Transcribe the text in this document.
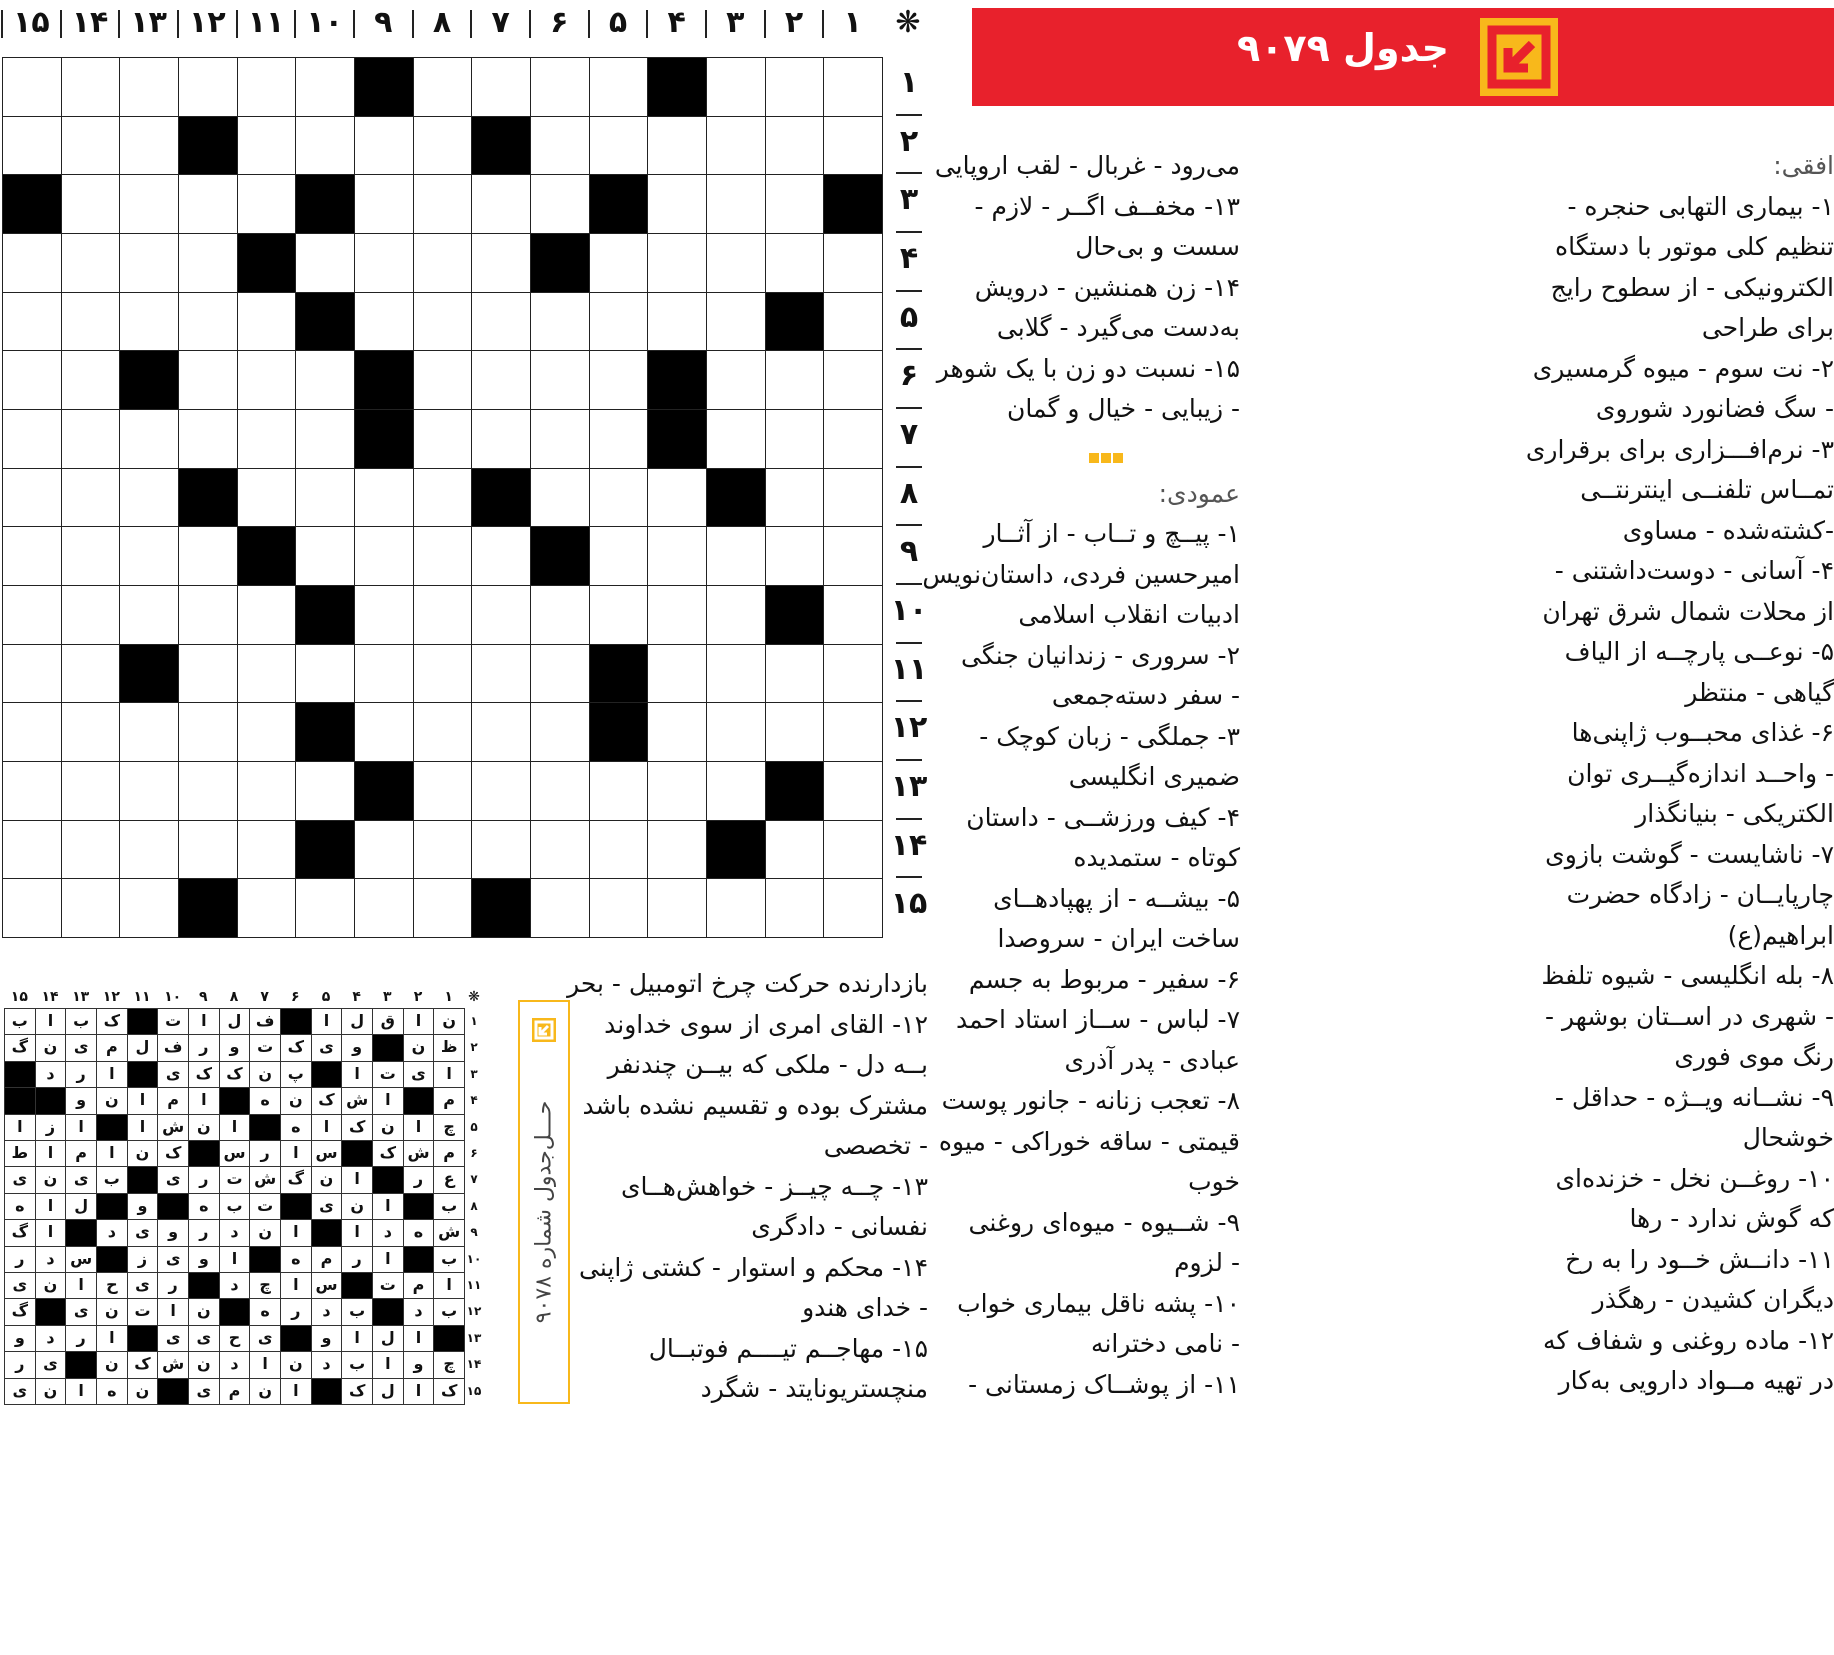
❋
۱
۲
۳
۴
۵
۶
۷
۸
۹
۱۰
۱۱
۱۲
۱۳
۱۴
۱۵
۱
۲
۳
۴
۵
۶
۷
۸
۹
۱۰
۱۱
۱۲
۱۳
۱۴
۱۵
جدول ۹۰۷۹
افقی:
۱- بیماری التهابی حنجره -
تنظیم کلی موتور با دستگاه
الکترونیکی - از سطوح رایج
برای طراحی
۲- نت سوم - میوه گرمسیری
- سگ فضانورد شوروی
۳- نرم‌افـــزاری برای برقراری
تمــاس تلفنــی اینترنتــی
-کشته‌شده - مساوی
۴- آسانی - دوست‌داشتنی -
از محلات شمال شرق تهران
۵- نوعــی پارچــه از الیاف
گیاهی - منتظر
۶- غذای محبــوب ژاپنی‌ها
- واحــد اندازه‌گیــری توان
الکتریکی - بنیانگذار
۷- ناشایست - گوشت بازوی
چارپایــان - زادگاه حضرت
ابراهیم(ع)
۸- بله انگلیسی - شیوه تلفظ
- شهری در اســتان بوشهر -
رنگ موی فوری
۹- نشــانه ویــژه - حداقل -
خوشحال
۱۰- روغــن نخل - خزنده‌ای
که گوش ندارد - رها
۱۱- دانــش خــود را به رخ
دیگران کشیدن - رهگذر
۱۲- ماده روغنی و شفاف که
در تهیه مــواد دارویی به‌کار
می‌رود - غربال - لقب اروپایی
۱۳- مخفــف اگــر - لازم -
سست و بی‌حال
۱۴- زن همنشین - درویش
به‌دست می‌گیرد - گلابی
۱۵- نسبت دو زن با یک شوهر
- زیبایی - خیال و گمان
عمودی:
۱- پیــچ و تــاب - از آثــار
امیرحسین فردی، داستان‌نویس
ادبیات انقلاب اسلامی
۲- سروری - زندانیان جنگی
- سفر دسته‌جمعی
۳- جملگی - زبان کوچک -
ضمیری انگلیسی
۴- کیف ورزشــی - داستان
کوتاه - ستمدیده
۵- بیشــه - از پهپادهــای
ساخت ایران - سروصدا
۶- سفیر - مربوط به جسم
۷- لباس - ســاز استاد احمد
عبادی - پدر آذری
۸- تعجب زنانه - جانور پوست
قیمتی - ساقه خوراکی - میوه
خوب
۹- شــیوه - میوه‌ای روغنی
- لزوم
۱۰- پشه ناقل بیماری خواب
- نامی دخترانه
۱۱- از پوشــاک زمستانی -
بازدارنده حرکت چرخ اتومبیل - بحر
۱۲- القای امری از سوی خداوند
بــه دل - ملکی که بیــن چندنفر
مشترک بوده و تقسیم نشده باشد
- تخصصی
۱۳- چــه چیــز - خواهش‌هــای
نفسانی - دادگری
۱۴- محکم و استوار - کشتی ژاپنی
- خدای هندو
۱۵- مهاجــم تیــــم فوتبــال
منچستریونایتد - شگرد
حـــل‌جدول شماره ۹۰۷۸
❋
۱
۲
۳
۴
۵
۶
۷
۸
۹
۱۰
۱۱
۱۲
۱۳
۱۴
۱۵
ن
ا
ق
ل
ا
ف
ل
ا
ت
ک
ب
ا
ب
ظ
ن
و
ی
ک
ت
و
ر
ف
ل
م
ی
ن
گ
ا
ی
ت
ا
پ
ن
ک
ک
ی
ا
ر
د
م
ا
ش
ک
ن
ه
ا
م
ا
ن
و
چ
ا
ن
ک
ا
ه
ا
ن
ش
ا
ا
ز
ا
م
ش
ک
س
ا
ر
س
ک
ن
ا
م
ا
ط
ع
ر
ا
ن
گ
ش
ت
ر
ی
ب
ی
ن
ی
ب
ا
ن
ی
ت
ب
ه
و
ل
ا
ه
ش
ه
د
ا
ا
ن
د
ر
و
ی
د
ا
گ
ب
ا
ر
م
ه
ا
و
ی
ز
س
د
ر
ا
م
ت
س
ا
چ
د
ر
ی
ح
ا
ن
ی
ب
د
ب
د
ر
ه
ن
ا
ت
ن
ی
گ
ا
ل
ا
و
ی
ح
ی
ی
ا
ر
د
و
چ
و
ا
ب
د
ن
ا
د
ن
ش
ک
ن
ی
ر
ک
ا
ل
ک
ا
ن
م
ی
ن
ه
ا
ن
ی
۱
۲
۳
۴
۵
۶
۷
۸
۹
۱۰
۱۱
۱۲
۱۳
۱۴
۱۵
